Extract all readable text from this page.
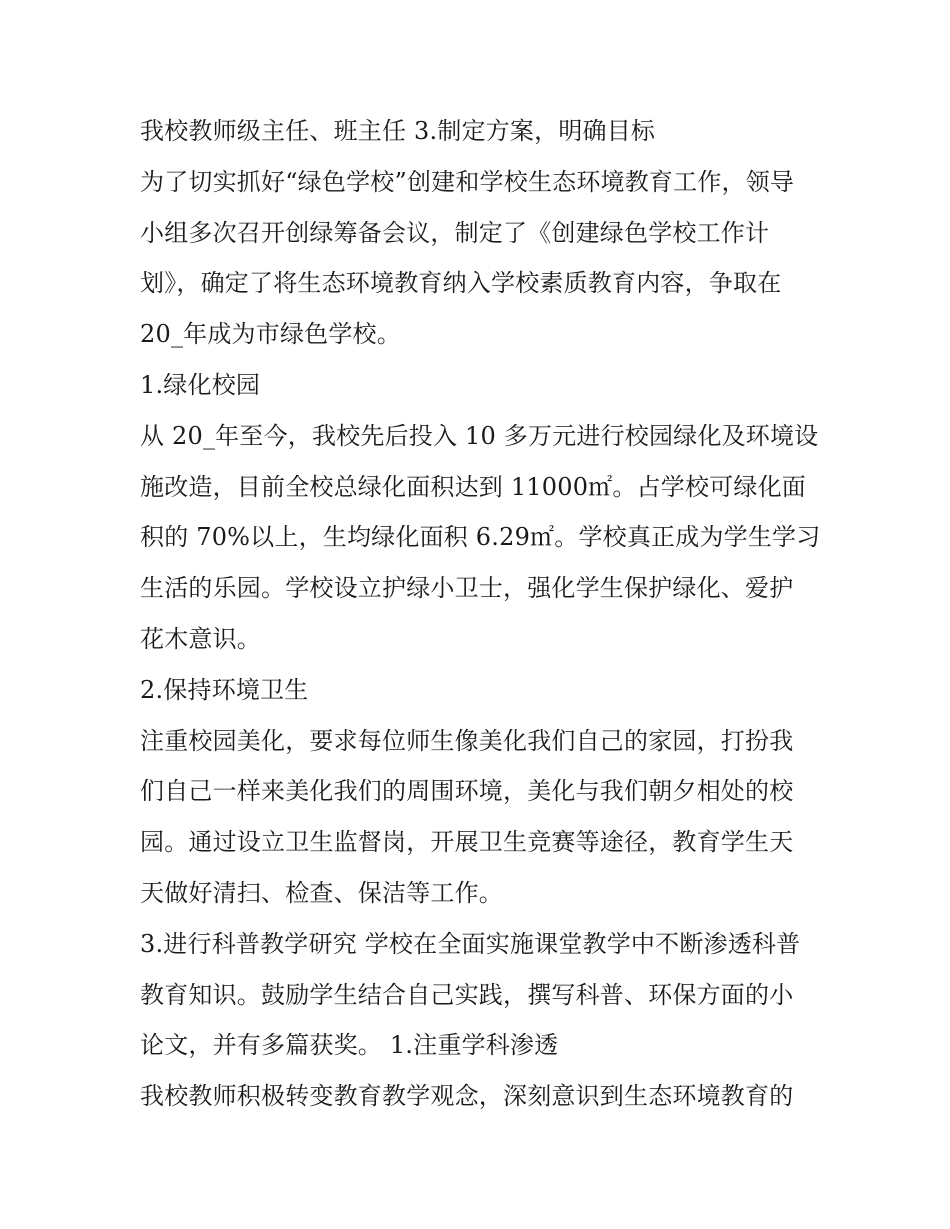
我校教师级主任、班主任 3.制定方案，明确目标

为了切实抓好“绿色学校”创建和学校生态环境教育工作，领导

小组多次召开创绿筹备会议，制定了《创建绿色学校工作计

划》，确定了将生态环境教育纳入学校素质教育内容，争取在

20_年成为市绿色学校。

1.绿化校园

从 20_年至今，我校先后投入 10 多万元进行校园绿化及环境设

施改造，目前全校总绿化面积达到 11000㎡。占学校可绿化面

积的 70%以上，生均绿化面积 6.29㎡。学校真正成为学生学习

生活的乐园。学校设立护绿小卫士，强化学生保护绿化、爱护

花木意识。

2.保持环境卫生

注重校园美化，要求每位师生像美化我们自己的家园，打扮我

们自己一样来美化我们的周围环境，美化与我们朝夕相处的校

园。通过设立卫生监督岗，开展卫生竞赛等途径，教育学生天

天做好清扫、检查、保洁等工作。

3.进行科普教学研究 学校在全面实施课堂教学中不断渗透科普

教育知识。鼓励学生结合自己实践，撰写科普、环保方面的小

论文，并有多篇获奖。 1.注重学科渗透

我校教师积极转变教育教学观念，深刻意识到生态环境教育的
